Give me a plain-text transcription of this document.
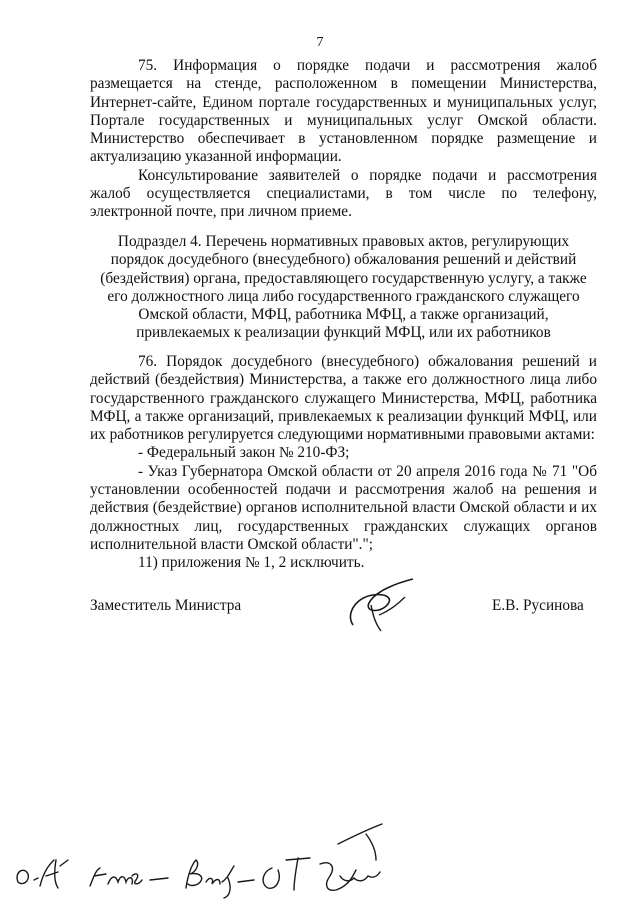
7

75. Информация о порядке подачи и рассмотрения жалоб размещается на стенде, расположенном в помещении Министерства, Интернет-сайте, Едином портале государственных и муниципальных услуг, Портале государственных и муниципальных услуг Омской области. Министерство обеспечивает в установленном порядке размещение и актуализацию указанной информации.

Консультирование заявителей о порядке подачи и рассмотрения жалоб осуществляется специалистами, в том числе по телефону, электронной почте, при личном приеме.

Подраздел 4. Перечень нормативных правовых актов, регулирующих порядок досудебного (внесудебного) обжалования решений и действий (бездействия) органа, предоставляющего государственную услугу, а также его должностного лица либо государственного гражданского служащего Омской области, МФЦ, работника МФЦ, а также организаций, привлекаемых к реализации функций МФЦ, или их работников

76. Порядок досудебного (внесудебного) обжалования решений и действий (бездействия) Министерства, а также его должностного лица либо государственного гражданского служащего Министерства, МФЦ, работника МФЦ, а также организаций, привлекаемых к реализации функций МФЦ, или их работников регулируется следующими нормативными правовыми актами:

- Федеральный закон № 210-ФЗ;

- Указ Губернатора Омской области от 20 апреля 2016 года № 71 "Об установлении особенностей подачи и рассмотрения жалоб на решения и действия (бездействие) органов исполнительной власти Омской области и их должностных лиц, государственных гражданских служащих органов исполнительной власти Омской области".";

11) приложения № 1, 2 исключить.

Заместитель Министра	Е.В. Русинова
